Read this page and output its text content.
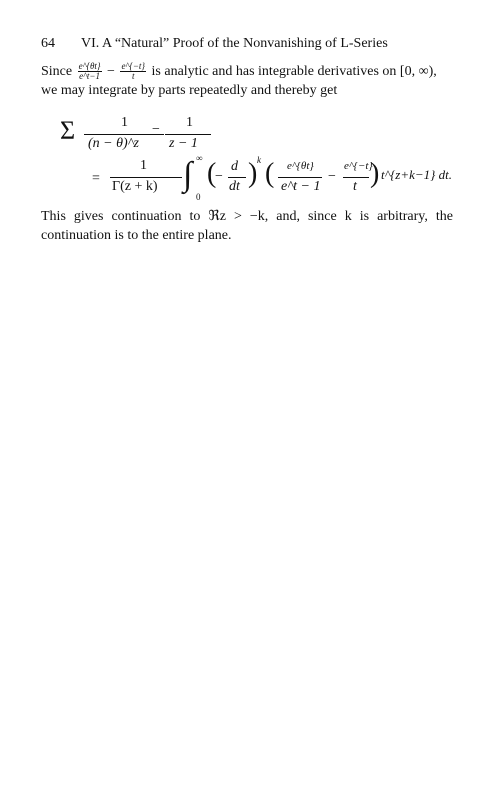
64 VI. A “Natural” Proof of the Nonvanishing of L-Series
Since $\frac{e\^{}\{\theta t\}}{e\^{}t-1} - \frac{e\^{}\{-t\}}{t}$ is analytic and has integrable derivatives on [0, ∞),
we may integrate by parts repeatedly and thereby get
Σ	1
(n − θ)^z
− 1
z − 1
=
1
Γ(z + k) ∫ ∞
0
(
−
d
dt ) k ( e^{θt}
e^t − 1
−
e^{−t}
t ) t^{z+k−1} dt.
This gives continuation to ℜz > −k, and, since k is arbitrary, the continuation is to the entire plane.
